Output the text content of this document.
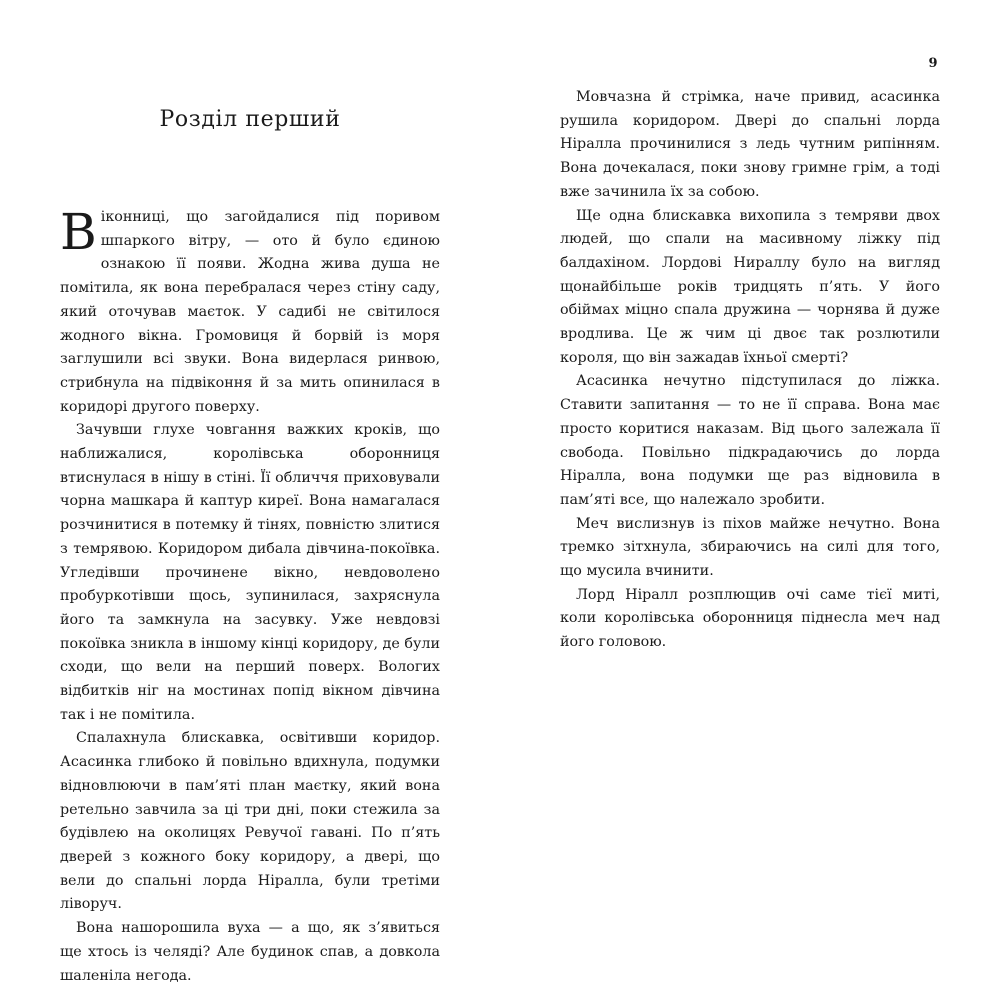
Розділ перший

Віконниці, що загойдалися під поривом шпаркого вітру, — ото й було єдиною ознакою її появи. Жодна жива душа не помітила, як вона перебралася через стіну саду, який оточував маєток. У садибі не світилося жодного вікна. Громовиця й борвій із моря заглушили всі звуки. Вона видерлася ринвою, стрибнула на підвіконня й за мить опинилася в коридорі другого поверху.

Зачувши глухе човгання важких кроків, що наближалися, королівська оборонниця втиснулася в нішу в стіні. Її обличчя приховували чорна машкара й каптур киреї. Вона намагалася розчинитися в потемку й тінях, повністю злитися з темрявою. Коридором дибала дівчина-покоївка. Угледівши прочинене вікно, невдоволено пробуркотівши щось, зупинилася, захряснула його та замкнула на засувку. Уже невдовзі покоївка зникла в іншому кінці коридору, де були сходи, що вели на перший поверх. Вологих відбитків ніг на мостинах попід вікном дівчина так і не помітила.

Спалахнула блискавка, освітивши коридор. Асасинка глибоко й повільно вдихнула, подумки відновлюючи в пам’яті план маєтку, який вона ретельно завчила за ці три дні, поки стежила за будівлею на околицях Ревучої гавані. По п’ять дверей з кожного боку коридору, а двері, що вели до спальні лорда Ніралла, були третіми ліворуч.

Вона нашорошила вуха — а що, як з’явиться ще хтось із челяді? Але будинок спав, а довкола шаленіла негода.

9

Мовчазна й стрімка, наче привид, асасинка рушила коридором. Двері до спальні лорда Ніралла прочинилися з ледь чутним рипінням. Вона дочекалася, поки знову гримне грім, а тоді вже зачинила їх за собою.

Ще одна блискавка вихопила з темряви двох людей, що спали на масивному ліжку під балдахіном. Лордові Нираллу було на вигляд щонайбільше років тридцять п’ять. У його обіймах міцно спала дружина — чорнява й дуже вродлива. Це ж чим ці двоє так розлютили короля, що він зажадав їхньої смерті?

Асасинка нечутно підступилася до ліжка. Ставити запитання — то не її справа. Вона має просто коритися наказам. Від цього залежала її свобода. Повільно підкрадаючись до лорда Ніралла, вона подумки ще раз відновила в пам’яті все, що належало зробити.

Меч вислизнув із піхов майже нечутно. Вона тремко зітхнула, збираючись на силі для того, що мусила вчинити.

Лорд Ніралл розплющив очі саме тієї миті, коли королівська оборонниця піднесла меч над його головою.
